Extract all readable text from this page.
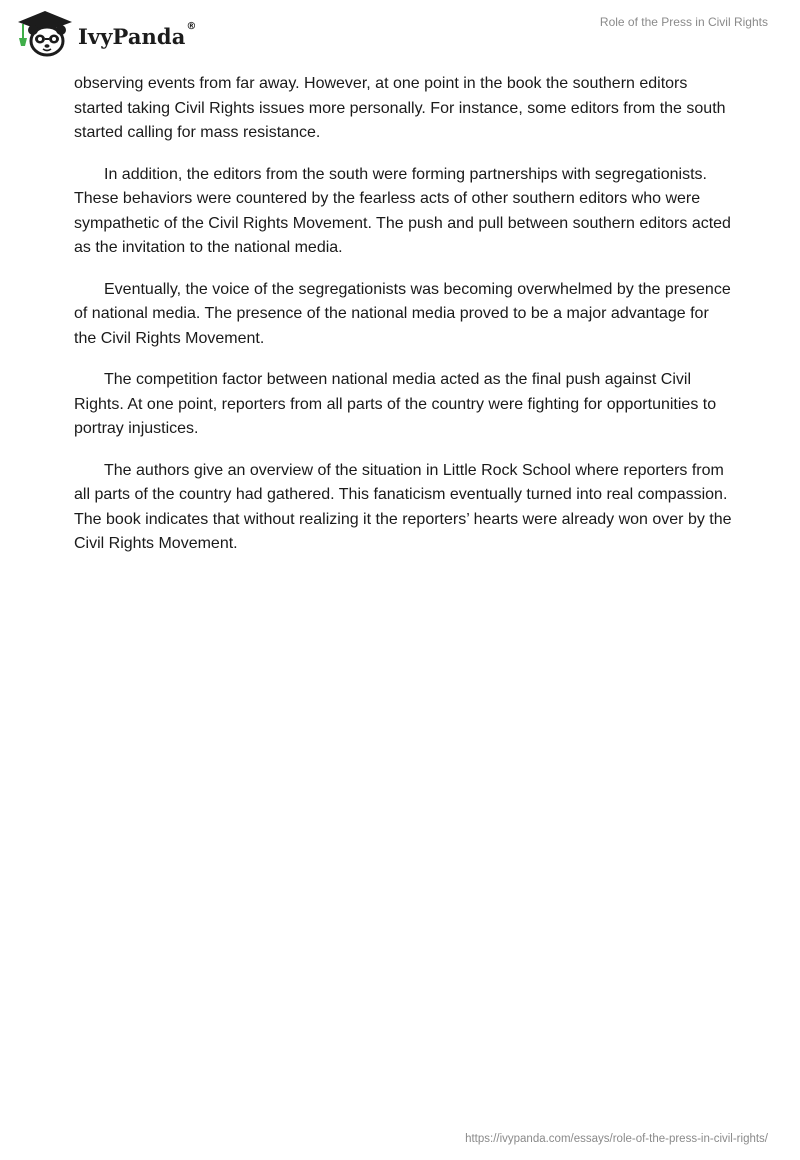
IvyPanda®	Role of the Press in Civil Rights

observing events from far away. However, at one point in the book the southern editors started taking Civil Rights issues more personally. For instance, some editors from the south started calling for mass resistance.

In addition, the editors from the south were forming partnerships with segregationists. These behaviors were countered by the fearless acts of other southern editors who were sympathetic of the Civil Rights Movement. The push and pull between southern editors acted as the invitation to the national media.

Eventually, the voice of the segregationists was becoming overwhelmed by the presence of national media. The presence of the national media proved to be a major advantage for the Civil Rights Movement.

The competition factor between national media acted as the final push against Civil Rights. At one point, reporters from all parts of the country were fighting for opportunities to portray injustices.

The authors give an overview of the situation in Little Rock School where reporters from all parts of the country had gathered. This fanaticism eventually turned into real compassion. The book indicates that without realizing it the reporters’ hearts were already won over by the Civil Rights Movement.

https://ivypanda.com/essays/role-of-the-press-in-civil-rights/
